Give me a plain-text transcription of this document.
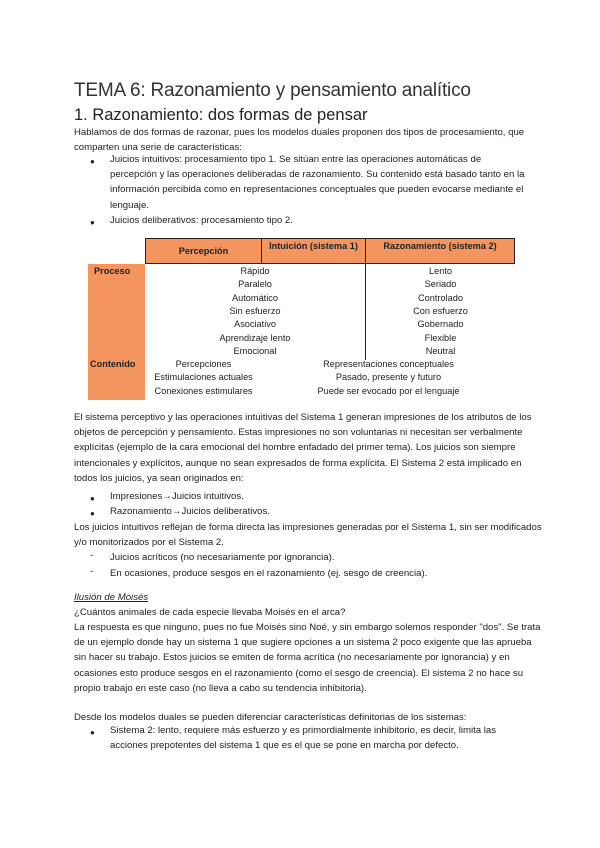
TEMA 6: Razonamiento y pensamiento analítico
1. Razonamiento: dos formas de pensar

Hablamos de dos formas de razonar, pues los modelos duales proponen dos tipos de procesamiento, que comparten una serie de características:

● Juicios intuitivos: procesamiento tipo 1. Se sitúan entre las operaciones automáticas de percepción y las operaciones deliberadas de razonamiento. Su contenido está basado tanto en la información percibida como en representaciones conceptuales que pueden evocarse mediante el lenguaje.

● Juicios deliberativos: procesamiento tipo 2.

Percepción	Intuición (sistema 1)	Razonamiento (sistema 2)
Proceso
Contenido
Rápido
Paralelo
Automático
Sin esfuerzo
Asociativo
Aprendizaje lento
Emocional
Lento
Seriado
Controlado
Con esfuerzo
Gobernado
Flexible
Neutral
Percepciones
Estimulaciones actuales
Conexiones estimulares
Representaciones conceptuales
Pasado, presente y futuro
Puede ser evocado por el lenguaje

El sistema perceptivo y las operaciones intuitivas del Sistema 1 generan impresiones de los atributos de los objetos de percepción y pensamiento. Estas impresiones no son voluntarias ni necesitan ser verbalmente explícitas (ejemplo de la cara emocional del hombre enfadado del primer tema). Los juicios son siempre intencionales y explícitos, aunque no sean expresados de forma explícita. El Sistema 2 está implicado en todos los juicios, ya sean originados en:

● Impresiones→Juicios intuitivos.

● Razonamiento→Juicios deliberativos.

Los juicios intuitivos reflejan de forma directa las impresiones generadas por el Sistema 1, sin ser modificados y/o monitorizados por el Sistema 2.

- Juicios acríticos (no necesariamente por ignorancia).

- En ocasiones, produce sesgos en el razonamiento (ej. sesgo de creencia).

Ilusión de Moisés

¿Cuántos animales de cada especie llevaba Moisés en el arca?

La respuesta es que ninguno, pues no fue Moisés sino Noé, y sin embargo solemos responder "dos". Se trata de un ejemplo donde hay un sistema 1 que sugiere opciones a un sistema 2 poco exigente que las aprueba sin hacer su trabajo. Estos juicios se emiten de forma acrítica (no necesariamente por ignorancia) y en ocasiones esto produce sesgos en el razonamiento (como el sesgo de creencia). El sistema 2 no hace su propio trabajo en este caso (no lleva a cabo su tendencia inhibitoria).

Desde los modelos duales se pueden diferenciar características definitorias de los sistemas:

● Sistema 2: lento, requiere más esfuerzo y es primordialmente inhibitorio, es decir, limita las acciones prepotentes del sistema 1 que es el que se pone en marcha por defecto.
